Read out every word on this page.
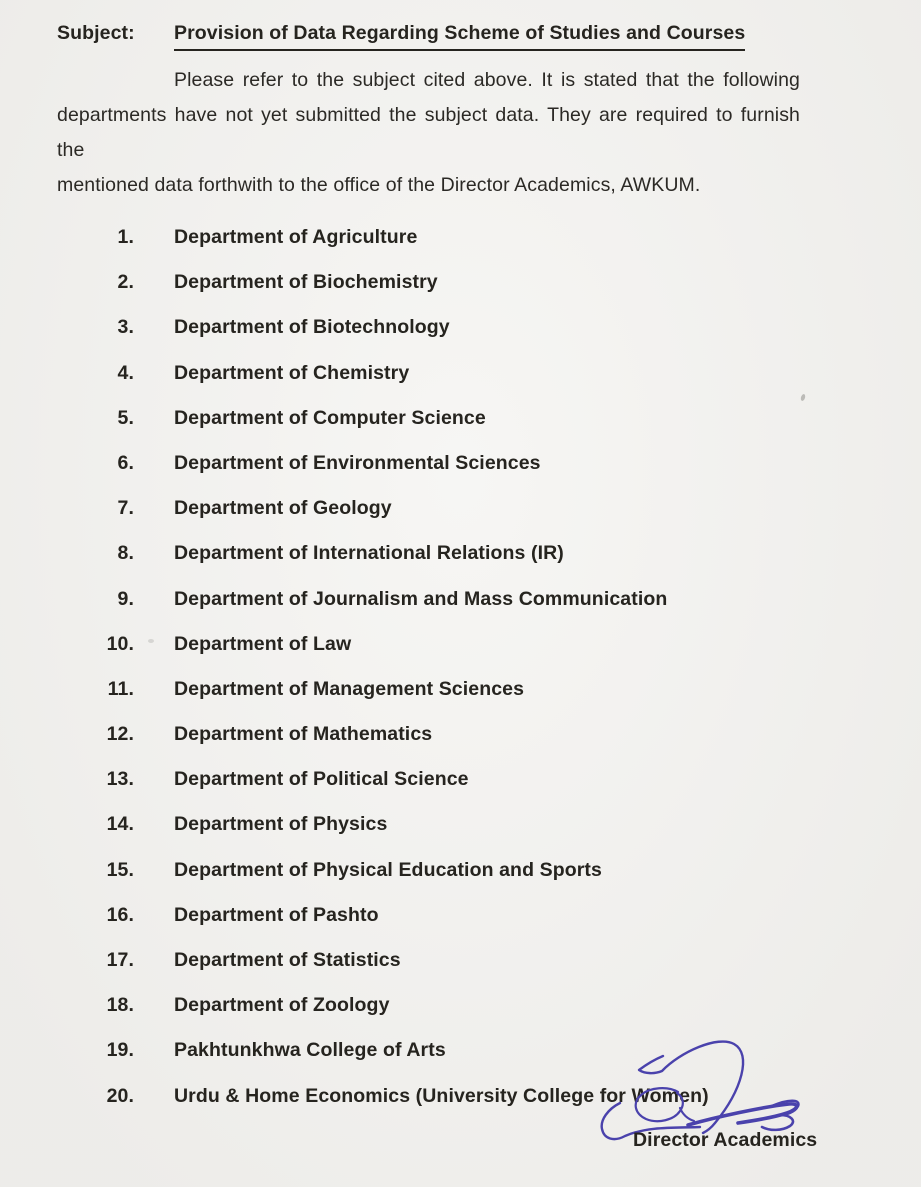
Subject:	Provision of Data Regarding Scheme of Studies and Courses
Please refer to the subject cited above. It is stated that the following
departments have not yet submitted the subject data. They are required to furnish the
mentioned data forthwith to the office of the Director Academics, AWKUM.
1.	Department of Agriculture
2.	Department of Biochemistry
3.	Department of Biotechnology
4.	Department of Chemistry
5.	Department of Computer Science
6.	Department of Environmental Sciences
7.	Department of Geology
8.	Department of International Relations (IR)
9.	Department of Journalism and Mass Communication
10.	Department of Law
11.	Department of Management Sciences
12.	Department of Mathematics
13.	Department of Political Science
14.	Department of Physics
15.	Department of Physical Education and Sports
16.	Department of Pashto
17.	Department of Statistics
18.	Department of Zoology
19.	Pakhtunkhwa College of Arts
20.	Urdu & Home Economics (University College for Women)
Director Academics
